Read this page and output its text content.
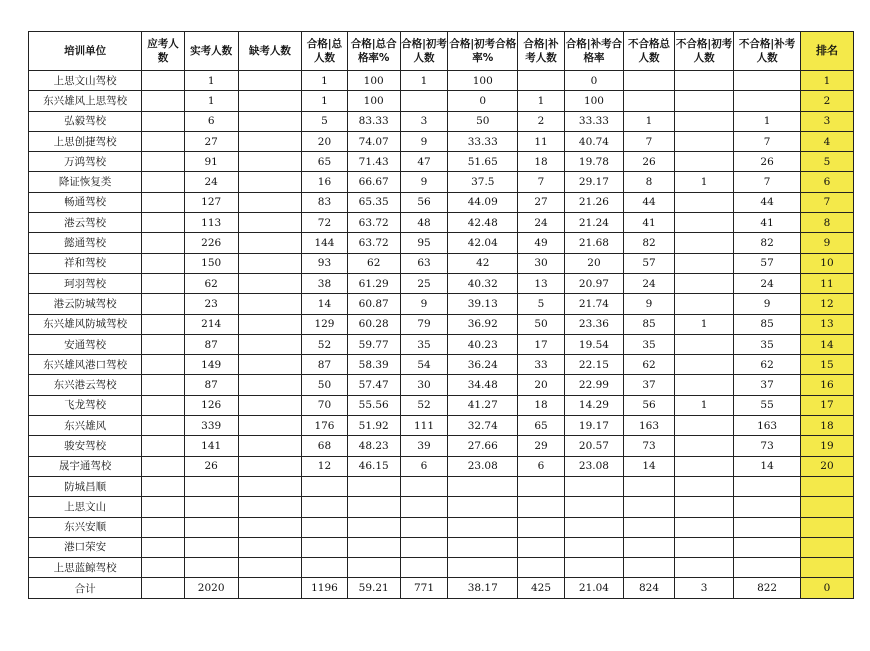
培训单位	应考人数	实考人数	缺考人数	合格|总人数	合格|总合格率%	合格|初考人数	合格|初考合格率%	合格|补考人数	合格|补考合格率	不合格总人数	不合格|初考人数	不合格|补考人数	排名
上思文山驾校		1		1	100	1	100		0				1
东兴雄风上思驾校		1		1	100		0	1	100				2
弘毅驾校		6		5	83.33	3	50	2	33.33	1		1	3
上思创捷驾校		27		20	74.07	9	33.33	11	40.74	7		7	4
万鸿驾校		91		65	71.43	47	51.65	18	19.78	26		26	5
降证恢复类		24		16	66.67	9	37.5	7	29.17	8	1	7	6
畅通驾校		127		83	65.35	56	44.09	27	21.26	44		44	7
港云驾校		113		72	63.72	48	42.48	24	21.24	41		41	8
懿通驾校		226		144	63.72	95	42.04	49	21.68	82		82	9
祥和驾校		150		93	62	63	42	30	20	57		57	10
珂羽驾校		62		38	61.29	25	40.32	13	20.97	24		24	11
港云防城驾校		23		14	60.87	9	39.13	5	21.74	9		9	12
东兴雄风防城驾校		214		129	60.28	79	36.92	50	23.36	85	1	85	13
安通驾校		87		52	59.77	35	40.23	17	19.54	35		35	14
东兴雄风港口驾校		149		87	58.39	54	36.24	33	22.15	62		62	15
东兴港云驾校		87		50	57.47	30	34.48	20	22.99	37		37	16
飞龙驾校		126		70	55.56	52	41.27	18	14.29	56	1	55	17
东兴雄风		339		176	51.92	111	32.74	65	19.17	163		163	18
骏安驾校		141		68	48.23	39	27.66	29	20.57	73		73	19
晟宇通驾校		26		12	46.15	6	23.08	6	23.08	14		14	20
防城昌顺													
上思文山													
东兴安顺													
港口荣安													
上思蓝鲸驾校													
合计		2020		1196	59.21	771	38.17	425	21.04	824	3	822	0
